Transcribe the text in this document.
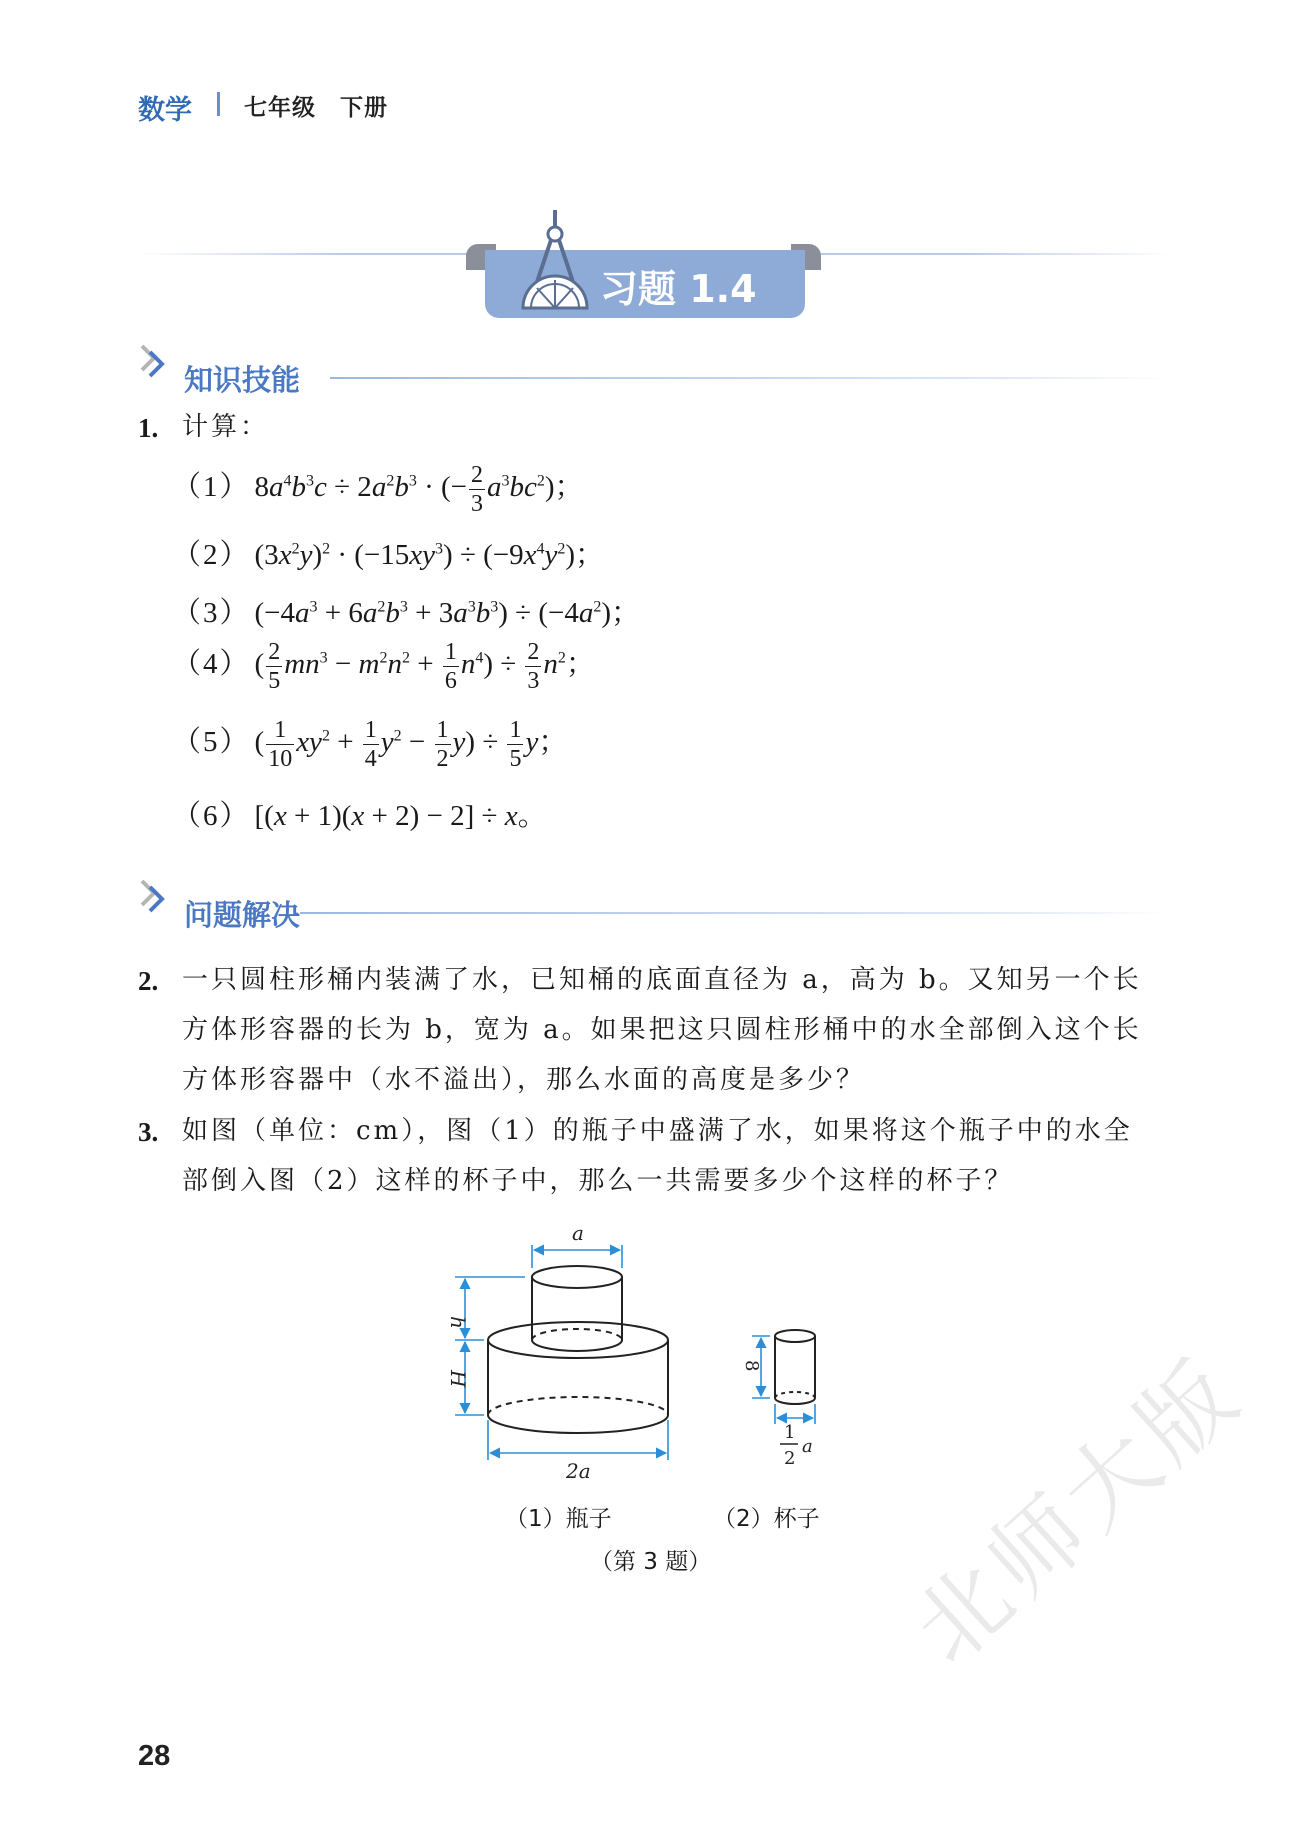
数学 七年级　下册
习题 1.4
知识技能
1. 计算：
（1） $8a^4b^3c \div 2a^2b^3$ · (− $\frac{2}{3} a^3bc^2$)；
（2） $(3x^2y)^2 \cdot (-15xy^3) \div (-9x^4y^2)$；
（3） $(-4a^3 + 6a^2b^3 + 3a^3b^3) \div (-4a^2)$；
（4） ( $\frac{2}{5} mn^3 - m^2n^2 + \frac{1}{6} n^4) \div \frac{2}{3} n^2$；
（5） ( $\frac{1}{10} xy^2 + \frac{1}{4} y^2 - \frac{1}{2} y) \div \frac{1}{5}$ y；
（6） [(x + 1)(x + 2) − 2] ÷ x。
问题解决
2. 一只圆柱形桶内装满了水，已知桶的底面直径为 a，高为 b。又知另一个长
方体形容器的长为 b，宽为 a。如果把这只圆柱形桶中的水全部倒入这个长
方体形容器中（水不溢出），那么水面的高度是多少？
3. 如图（单位：cm），图（1）的瓶子中盛满了水，如果将这个瓶子中的水全
部倒入图（2）这样的杯子中，那么一共需要多少个这样的杯子？
a
2a
h
H
8
1
2
a
（1）瓶子	（2）杯子
（第 3 题） 北师大版
28
